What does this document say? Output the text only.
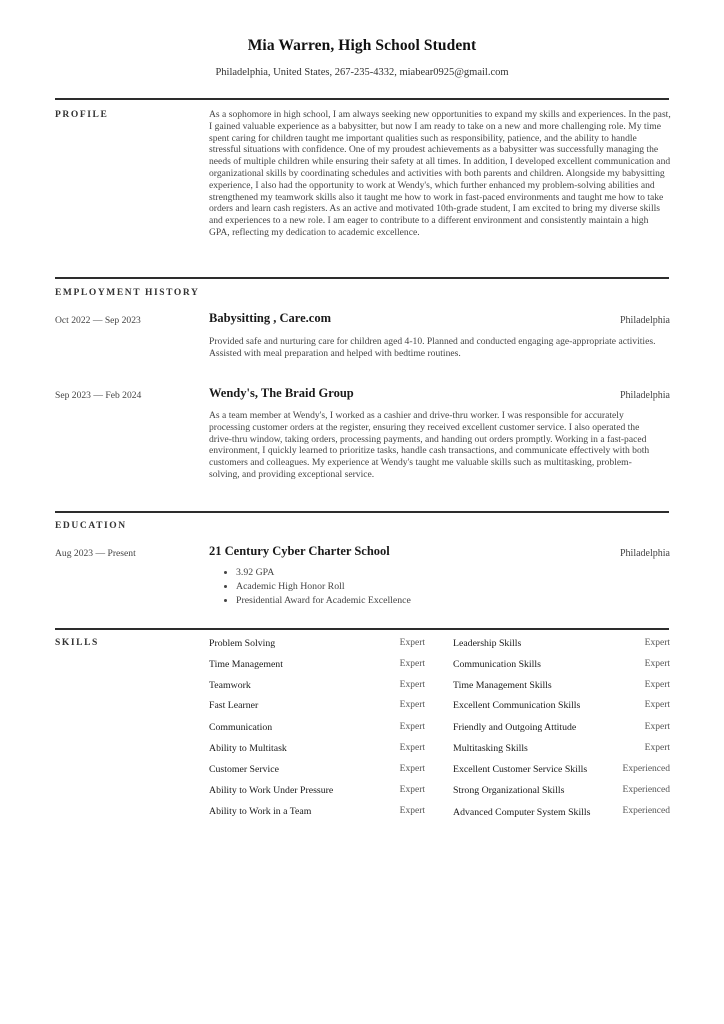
Mia Warren, High School Student
Philadelphia, United States, 267-235-4332, miabear0925@gmail.com
PROFILE	As a sophomore in high school, I am always seeking new opportunities to expand my skills and experiences. In the past, I gained valuable experience as a babysitter, but now I am ready to take on a new and more challenging role. My time spent caring for children taught me important qualities such as responsibility, patience, and the ability to handle stressful situations with confidence. One of my proudest achievements as a babysitter was successfully managing the needs of multiple children while ensuring their safety at all times. In addition, I developed excellent communication and organizational skills by coordinating schedules and activities with both parents and children. Alongside my babysitting experience, I also had the opportunity to work at Wendy's, which further enhanced my problem-solving abilities and strengthened my teamwork skills also it taught me how to work in fast-paced environments and taught me how to take orders and learn cash registers. As an active and motivated 10th-grade student, I am excited to bring my diverse skills and experiences to a new role. I am eager to contribute to a different environment and consistently maintain a high GPA, reflecting my dedication to academic excellence.
EMPLOYMENT HISTORY
Oct 2022 — Sep 2023	Babysitting , Care.com	Philadelphia
Provided safe and nurturing care for children aged 4-10. Planned and conducted engaging age-appropriate activities. Assisted with meal preparation and helped with bedtime routines.
Sep 2023 — Feb 2024	Wendy's, The Braid Group	Philadelphia
As a team member at Wendy's, I worked as a cashier and drive-thru worker. I was responsible for accurately processing customer orders at the register, ensuring they received excellent customer service. I also operated the drive-thru window, taking orders, processing payments, and handing out orders promptly. Working in a fast-paced environment, I quickly learned to prioritize tasks, handle cash transactions, and communicate effectively with both customers and colleagues. My experience at Wendy's taught me valuable skills such as multitasking, problem-solving, and providing exceptional service.
EDUCATION
Aug 2023 — Present	21 Century Cyber Charter School	Philadelphia
• 3.92 GPA
• Academic High Honor Roll
• Presidential Award for Academic Excellence
SKILLS	Problem Solving	Expert
Time Management	Expert
Teamwork	Expert
Fast Learner	Expert
Communication	Expert
Ability to Multitask	Expert
Customer Service	Expert
Ability to Work Under Pressure	Expert
Ability to Work in a Team	Expert
Leadership Skills	Expert
Communication Skills	Expert
Time Management Skills	Expert
Excellent Communication Skills	Expert
Friendly and Outgoing Attitude	Expert
Multitasking Skills	Expert
Excellent Customer Service Skills	Experienced
Strong Organizational Skills	Experienced
Advanced Computer System Skills	Experienced
